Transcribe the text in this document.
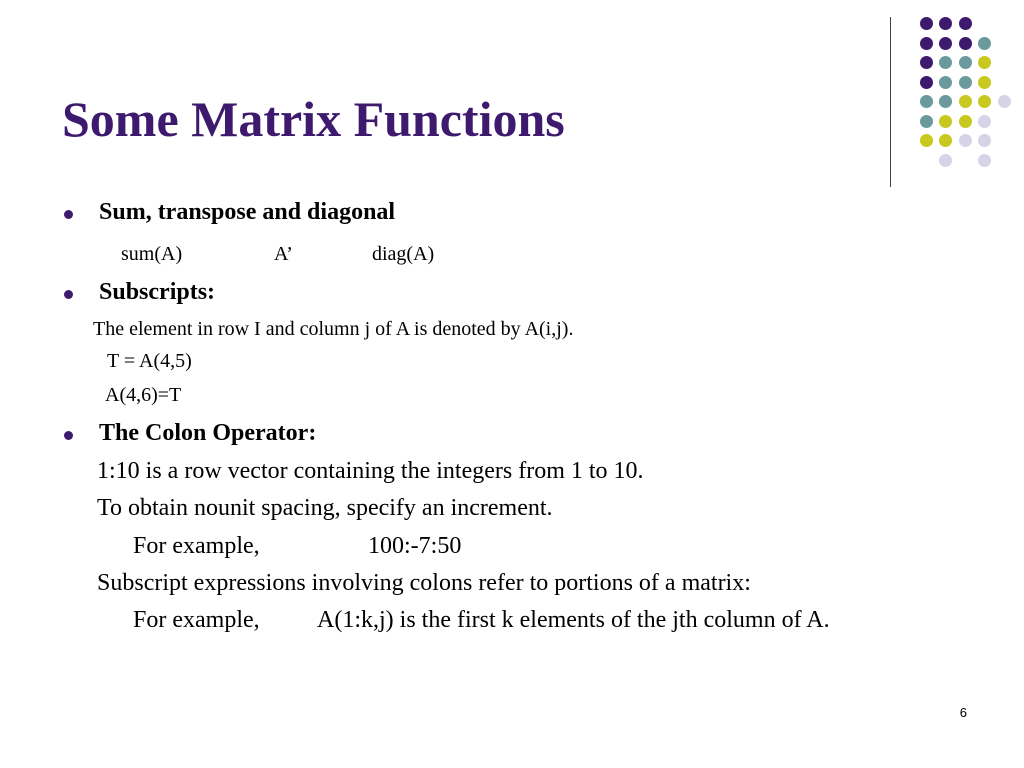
Some Matrix Functions
Sum, transpose and diagonal
sum(A)	A’	diag(A)
Subscripts:
The element in row I and column j of A is denoted by A(i,j).
T = A(4,5)
A(4,6)=T
The Colon Operator:
1:10 is a row vector containing the integers from 1 to 10.
To obtain nounit spacing, specify an increment.
For example,	100:-7:50
Subscript expressions involving colons refer to portions of a matrix:
For example, A(1:k,j) is the first k elements of the jth column of A.
6
